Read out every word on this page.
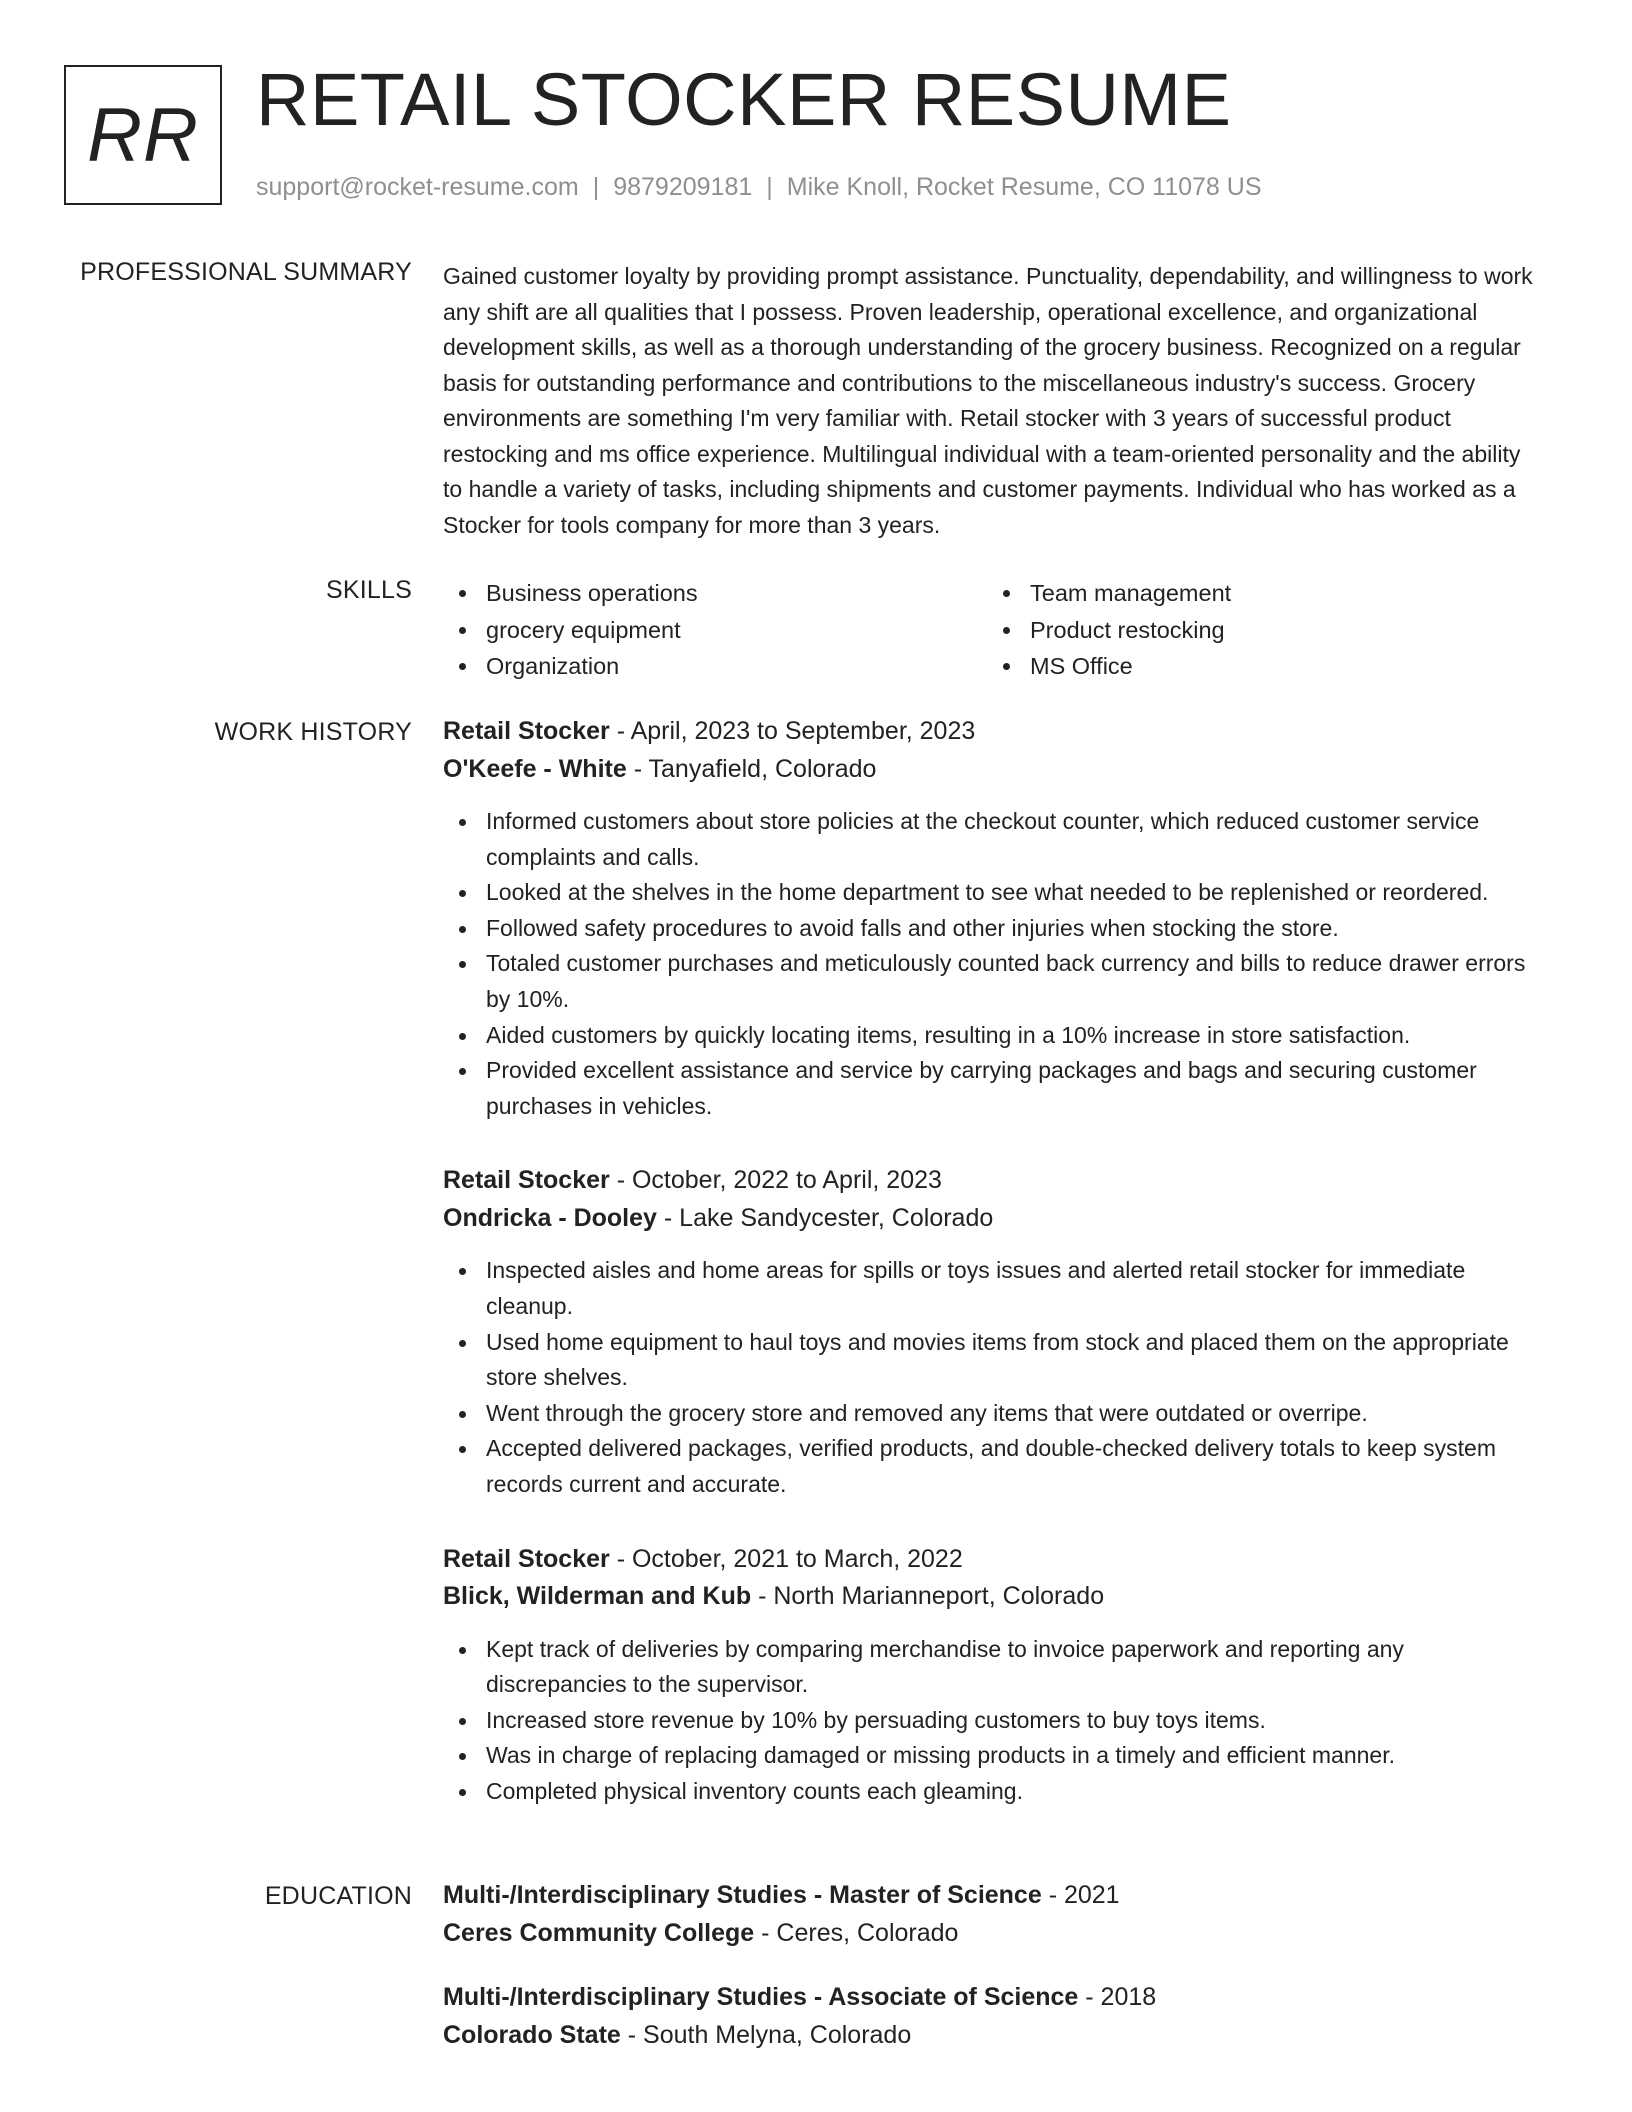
RR RETAIL STOCKER RESUME
support@rocket-resume.com | 9879209181 | Mike Knoll, Rocket Resume, CO 11078 US
PROFESSIONAL SUMMARY Gained customer loyalty by providing prompt assistance. Punctuality, dependability, and willingness to work any shift are all qualities that I possess. Proven leadership, operational excellence, and organizational development skills, as well as a thorough understanding of the grocery business. Recognized on a regular basis for outstanding performance and contributions to the miscellaneous industry's success. Grocery environments are something I'm very familiar with. Retail stocker with 3 years of successful product restocking and ms office experience. Multilingual individual with a team-oriented personality and the ability to handle a variety of tasks, including shipments and customer payments. Individual who has worked as a Stocker for tools company for more than 3 years.

SKILLS	Business operations	Team management
grocery equipment	Product restocking
Organization	MS Office
WORK HISTORY Retail Stocker - April, 2023 to September, 2023
O'Keefe - White - Tanyafield, Colorado
Informed customers about store policies at the checkout counter, which reduced customer service complaints and calls.
Looked at the shelves in the home department to see what needed to be replenished or reordered.
Followed safety procedures to avoid falls and other injuries when stocking the store.
Totaled customer purchases and meticulously counted back currency and bills to reduce drawer errors by 10%.
Aided customers by quickly locating items, resulting in a 10% increase in store satisfaction.
Provided excellent assistance and service by carrying packages and bags and securing customer purchases in vehicles.
Retail Stocker - October, 2022 to April, 2023
Ondricka - Dooley - Lake Sandycester, Colorado
Inspected aisles and home areas for spills or toys issues and alerted retail stocker for immediate cleanup.
Used home equipment to haul toys and movies items from stock and placed them on the appropriate store shelves.
Went through the grocery store and removed any items that were outdated or overripe.
Accepted delivered packages, verified products, and double-checked delivery totals to keep system records current and accurate.
Retail Stocker - October, 2021 to March, 2022
Blick, Wilderman and Kub - North Marianneport, Colorado
Kept track of deliveries by comparing merchandise to invoice paperwork and reporting any discrepancies to the supervisor.
Increased store revenue by 10% by persuading customers to buy toys items.
Was in charge of replacing damaged or missing products in a timely and efficient manner.
Completed physical inventory counts each gleaming.
EDUCATION Multi-/Interdisciplinary Studies - Master of Science - 2021
Ceres Community College - Ceres, Colorado
Multi-/Interdisciplinary Studies - Associate of Science - 2018
Colorado State - South Melyna, Colorado
